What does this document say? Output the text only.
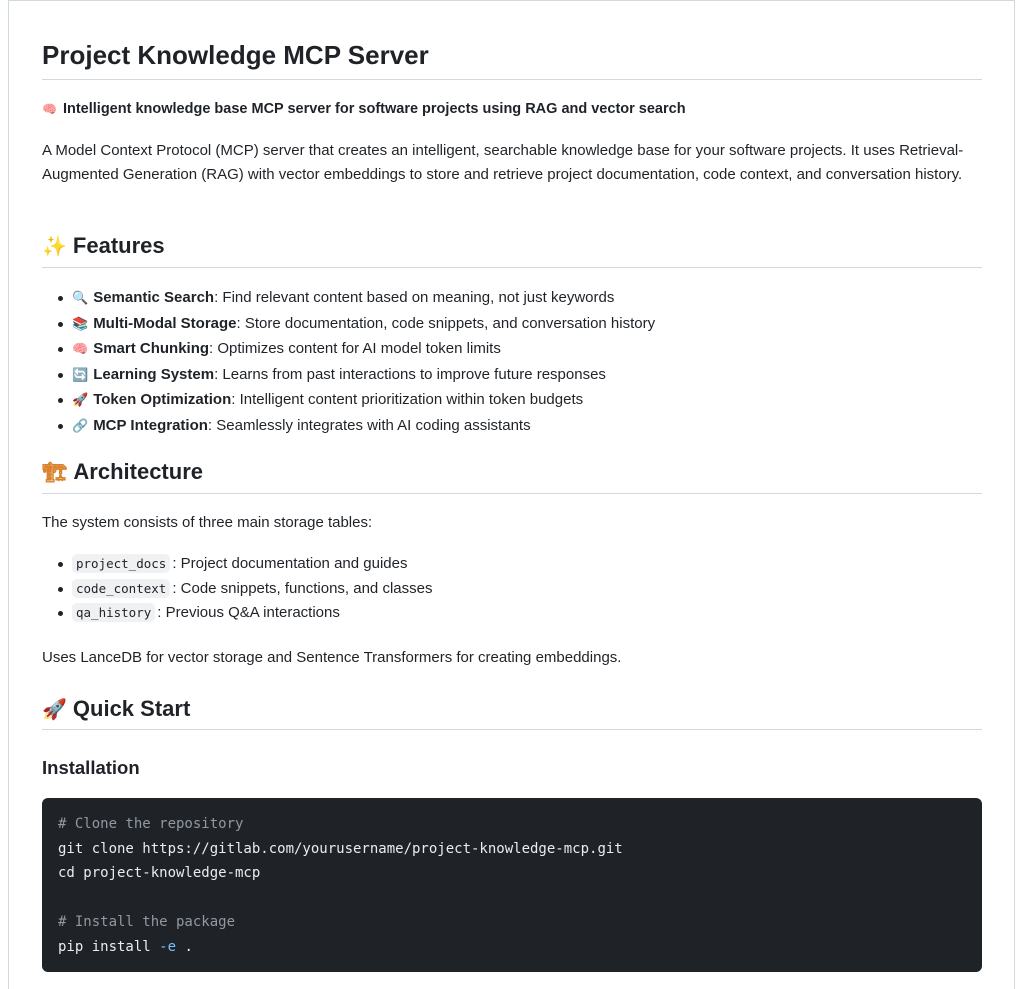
Project Knowledge MCP Server
🧠 Intelligent knowledge base MCP server for software projects using RAG and vector search

A Model Context Protocol (MCP) server that creates an intelligent, searchable knowledge base for your software projects. It uses Retrieval-Augmented Generation (RAG) with vector embeddings to store and retrieve project documentation, code context, and conversation history.

✨ Features
🔍 Semantic Search: Find relevant content based on meaning, not just keywords
📚 Multi-Modal Storage: Store documentation, code snippets, and conversation history
🧠 Smart Chunking: Optimizes content for AI model token limits
🔄 Learning System: Learns from past interactions to improve future responses
🚀 Token Optimization: Intelligent content prioritization within token budgets
🔗 MCP Integration: Seamlessly integrates with AI coding assistants
🏗 Architecture

The system consists of three main storage tables:

project_docs : Project documentation and guides
code_context : Code snippets, functions, and classes
qa_history : Previous Q&A interactions

Uses LanceDB for vector storage and Sentence Transformers for creating embeddings.

🚀 Quick Start
Installation
# Clone the repository
git clone https://gitlab.com/yourusername/project-knowledge-mcp.git
cd project-knowledge-mcp
# Install the package
pip install -e .
